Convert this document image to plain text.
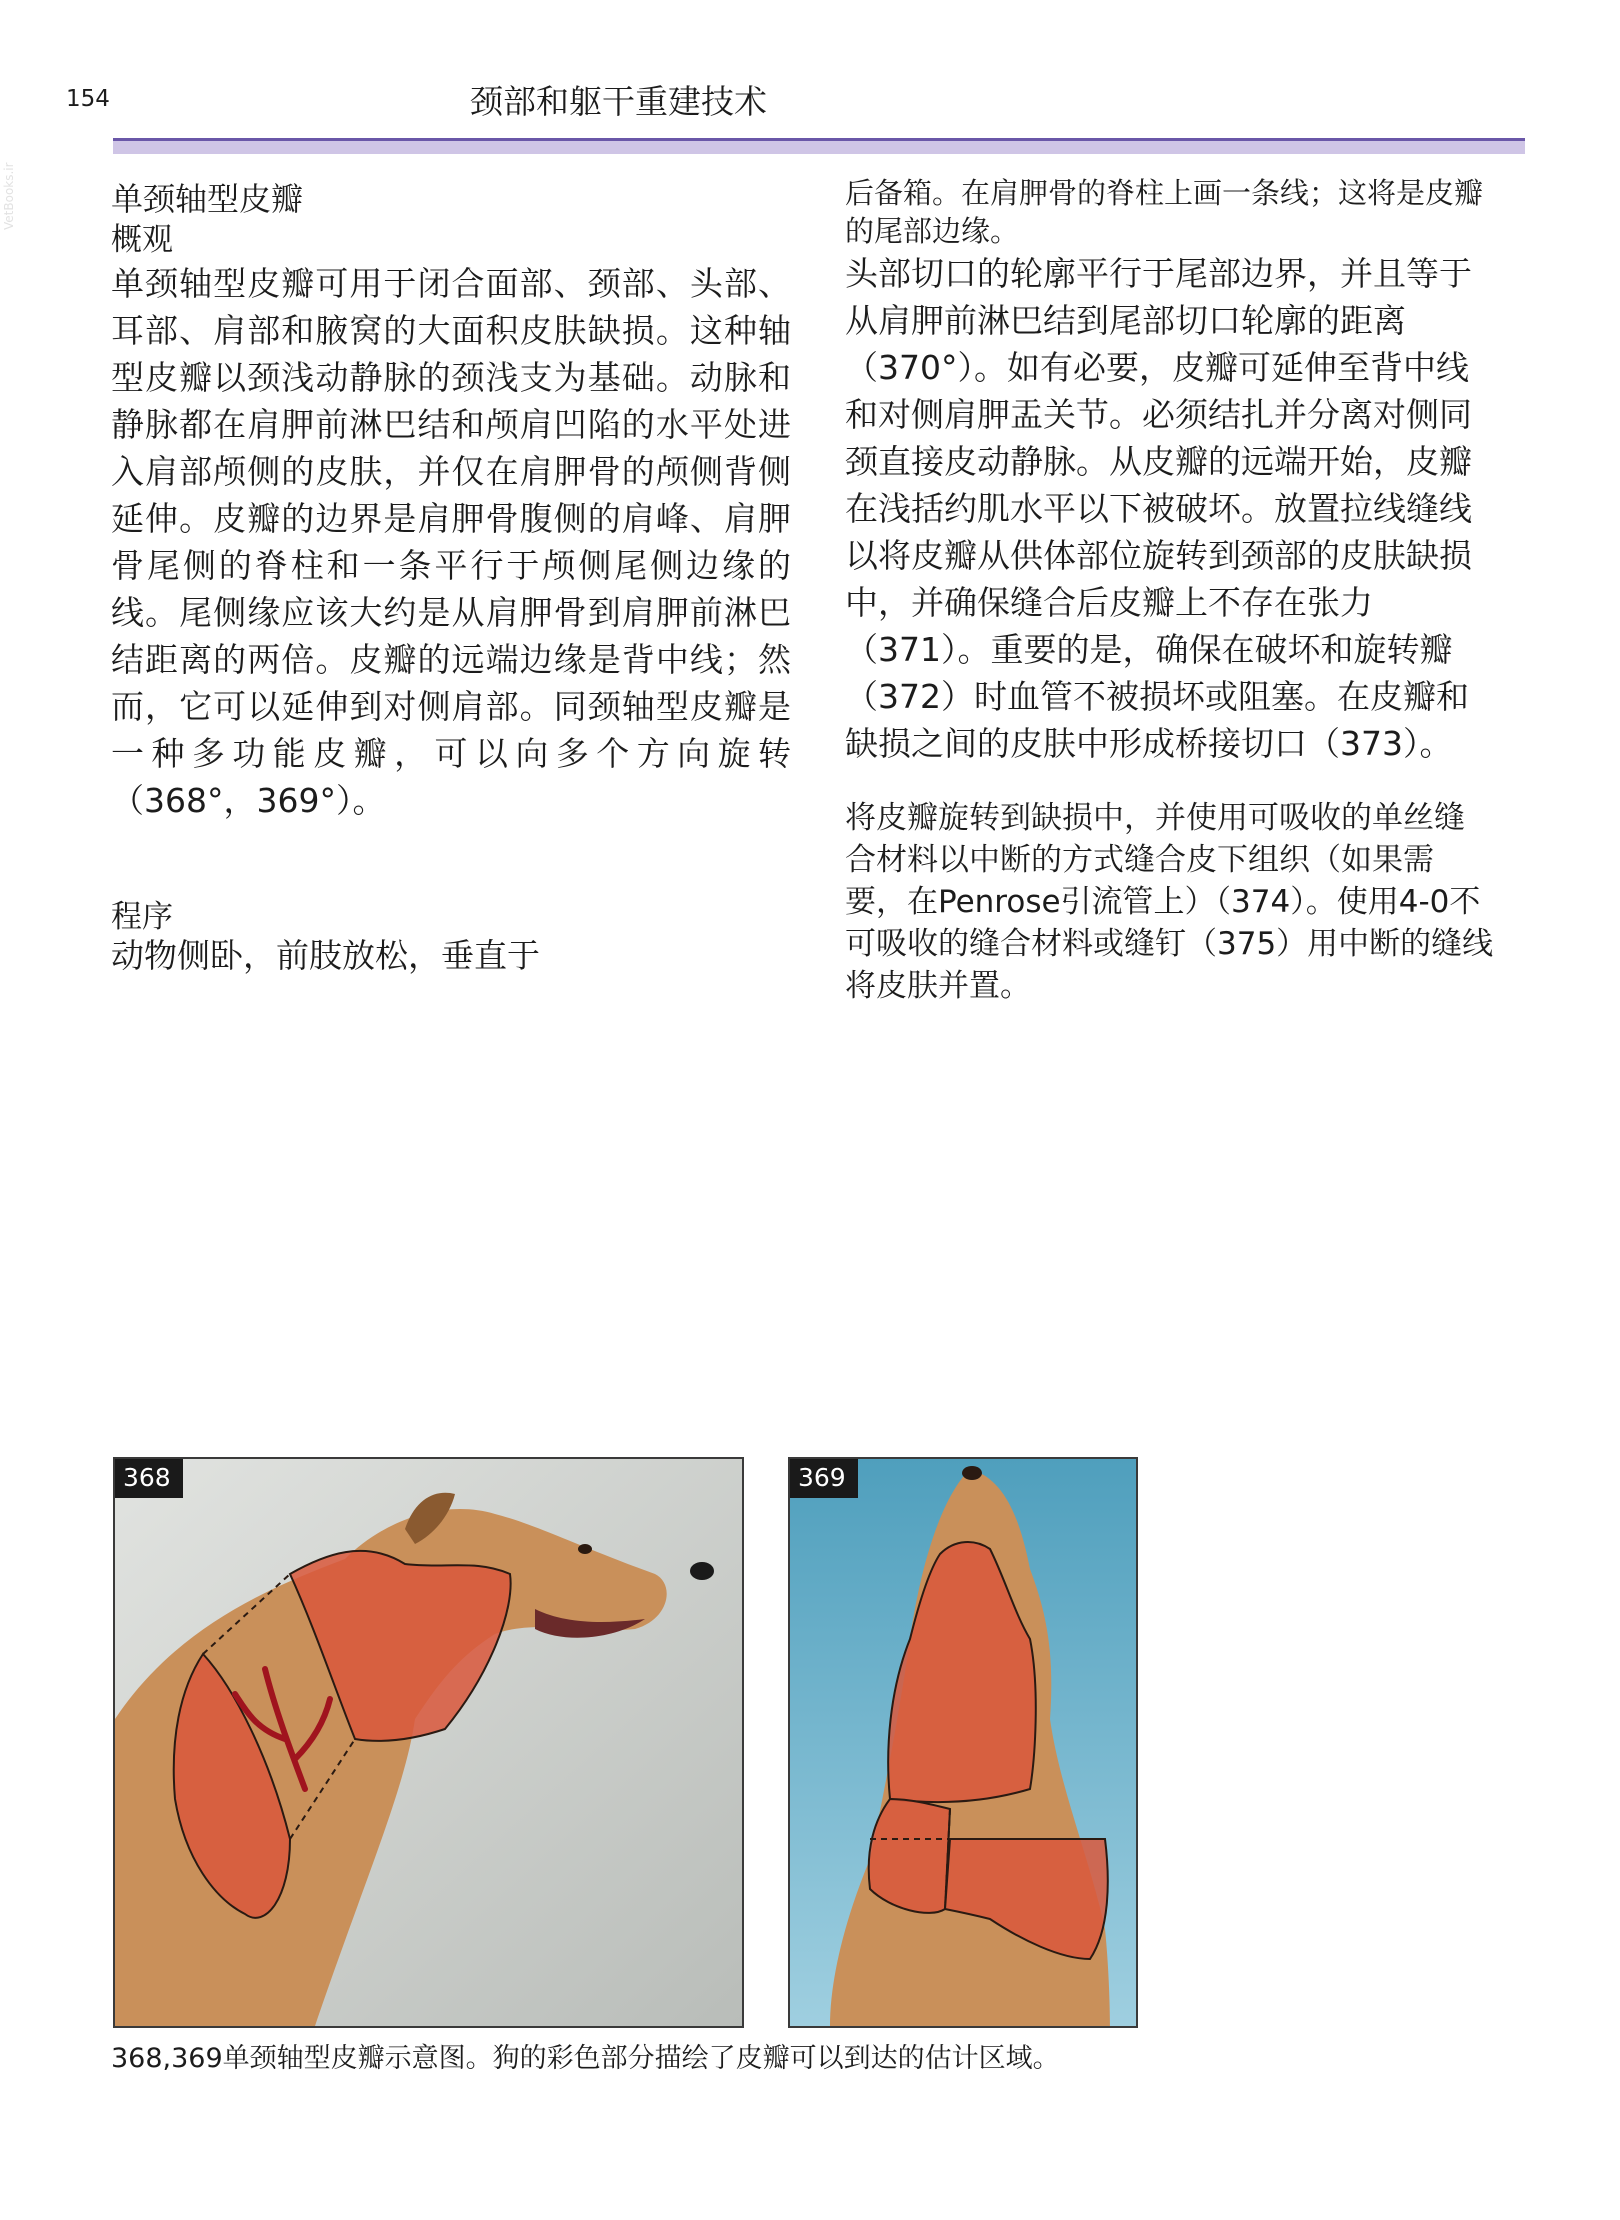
154	颈部和躯干重建技术
VetBooks.ir	单颈轴型皮瓣
概观

单颈轴型皮瓣可用于闭合面部、颈部、头部、耳部、肩部和腋窝的大面积皮肤缺损。这种轴型皮瓣以颈浅动静脉的颈浅支为基础。动脉和静脉都在肩胛前淋巴结和颅肩凹陷的水平处进入肩部颅侧的皮肤，并仅在肩胛骨的颅侧背侧延伸。皮瓣的边界是肩胛骨腹侧的肩峰、肩胛骨尾侧的脊柱和一条平行于颅侧尾侧边缘的线。尾侧缘应该大约是从肩胛骨到肩胛前淋巴结距离的两倍。皮瓣的远端边缘是背中线；然而，它可以延伸到对侧肩部。同颈轴型皮瓣是一种多功能皮瓣，可以向多个方向旋转（368°，369°）。

程序

动物侧卧，前肢放松，垂直于

后备箱。在肩胛骨的脊柱上画一条线；这将是皮瓣的尾部边缘。

头部切口的轮廓平行于尾部边界，并且等于从肩胛前淋巴结到尾部切口轮廓的距离（370°）。如有必要，皮瓣可延伸至背中线和对侧肩胛盂关节。必须结扎并分离对侧同颈直接皮动静脉。从皮瓣的远端开始，皮瓣在浅括约肌水平以下被破坏。放置拉线缝线以将皮瓣从供体部位旋转到颈部的皮肤缺损中，并确保缝合后皮瓣上不存在张力（371）。重要的是，确保在破坏和旋转瓣（372）时血管不被损坏或阻塞。在皮瓣和缺损之间的皮肤中形成桥接切口（373）。

将皮瓣旋转到缺损中，并使用可吸收的单丝缝合材料以中断的方式缝合皮下组织（如果需要，在Penrose引流管上）（374）。使用4-0不可吸收的缝合材料或缝钉（375）用中断的缝线将皮肤并置。

368	369
368,369单颈轴型皮瓣示意图。狗的彩色部分描绘了皮瓣可以到达的估计区域。
